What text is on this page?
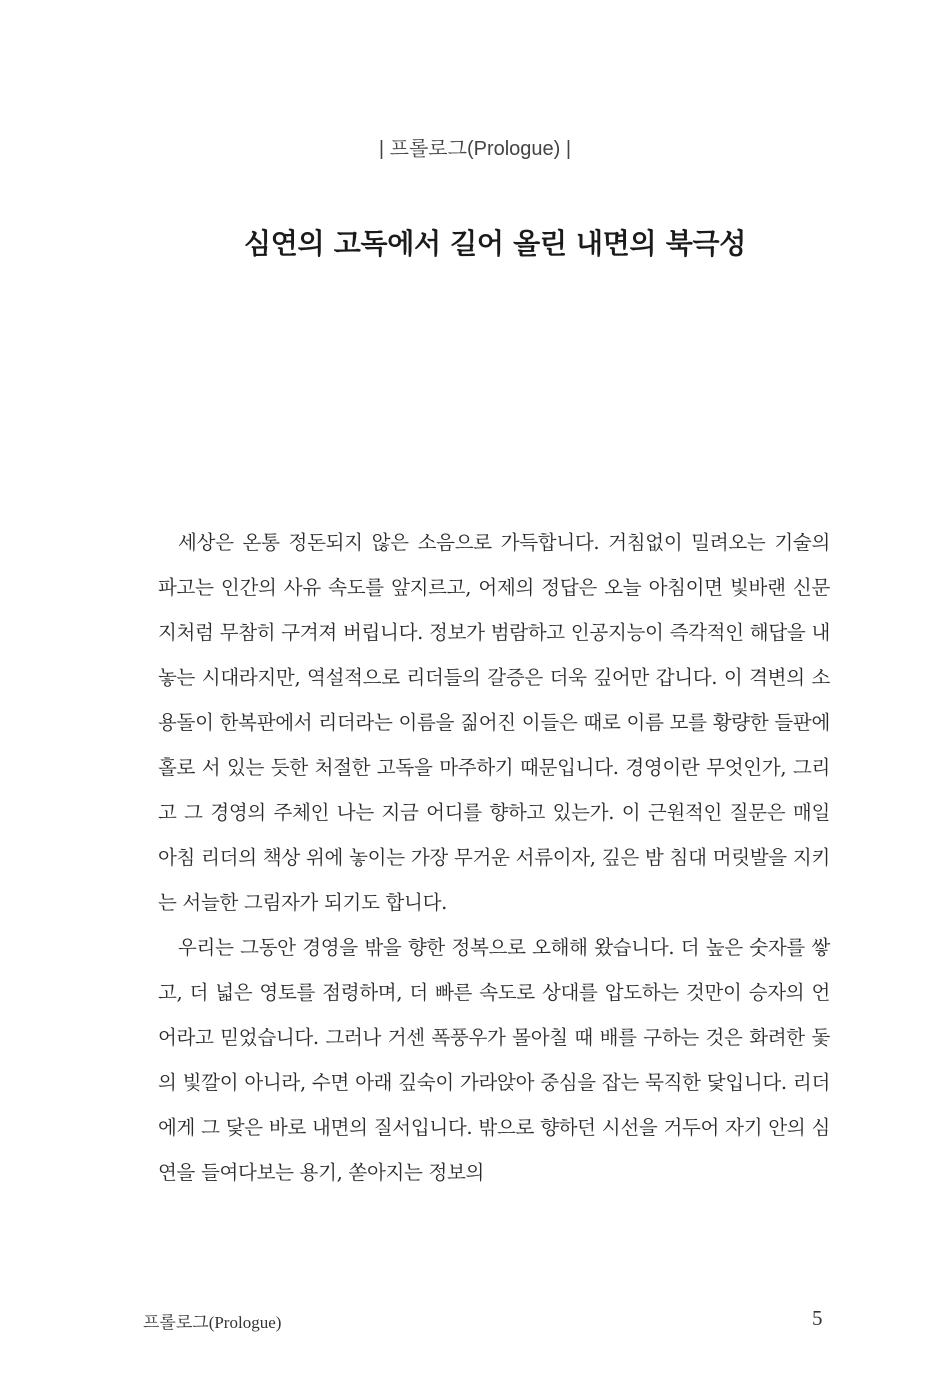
| 프롤로그(Prologue) |

심연의 고독에서 길어 올린 내면의 북극성

세상은 온통 정돈되지 않은 소음으로 가득합니다. 거침없이 밀려오는 기술의 파고는 인간의 사유 속도를 앞지르고, 어제의 정답은 오늘 아침이면 빛바랜 신문지처럼 무참히 구겨져 버립니다. 정보가 범람하고 인공지능이 즉각적인 해답을 내놓는 시대라지만, 역설적으로 리더들의 갈증은 더욱 깊어만 갑니다. 이 격변의 소용돌이 한복판에서 리더라는 이름을 짊어진 이들은 때로 이름 모를 황량한 들판에 홀로 서 있는 듯한 처절한 고독을 마주하기 때문입니다. 경영이란 무엇인가, 그리고 그 경영의 주체인 나는 지금 어디를 향하고 있는가. 이 근원적인 질문은 매일 아침 리더의 책상 위에 놓이는 가장 무거운 서류이자, 깊은 밤 침대 머릿발을 지키는 서늘한 그림자가 되기도 합니다.

우리는 그동안 경영을 밖을 향한 정복으로 오해해 왔습니다. 더 높은 숫자를 쌓고, 더 넓은 영토를 점령하며, 더 빠른 속도로 상대를 압도하는 것만이 승자의 언어라고 믿었습니다. 그러나 거센 폭풍우가 몰아칠 때 배를 구하는 것은 화려한 돛의 빛깔이 아니라, 수면 아래 깊숙이 가라앉아 중심을 잡는 묵직한 닻입니다. 리더에게 그 닻은 바로 내면의 질서입니다. 밖으로 향하던 시선을 거두어 자기 안의 심연을 들여다보는 용기, 쏟아지는 정보의

프롤로그(Prologue)	5
